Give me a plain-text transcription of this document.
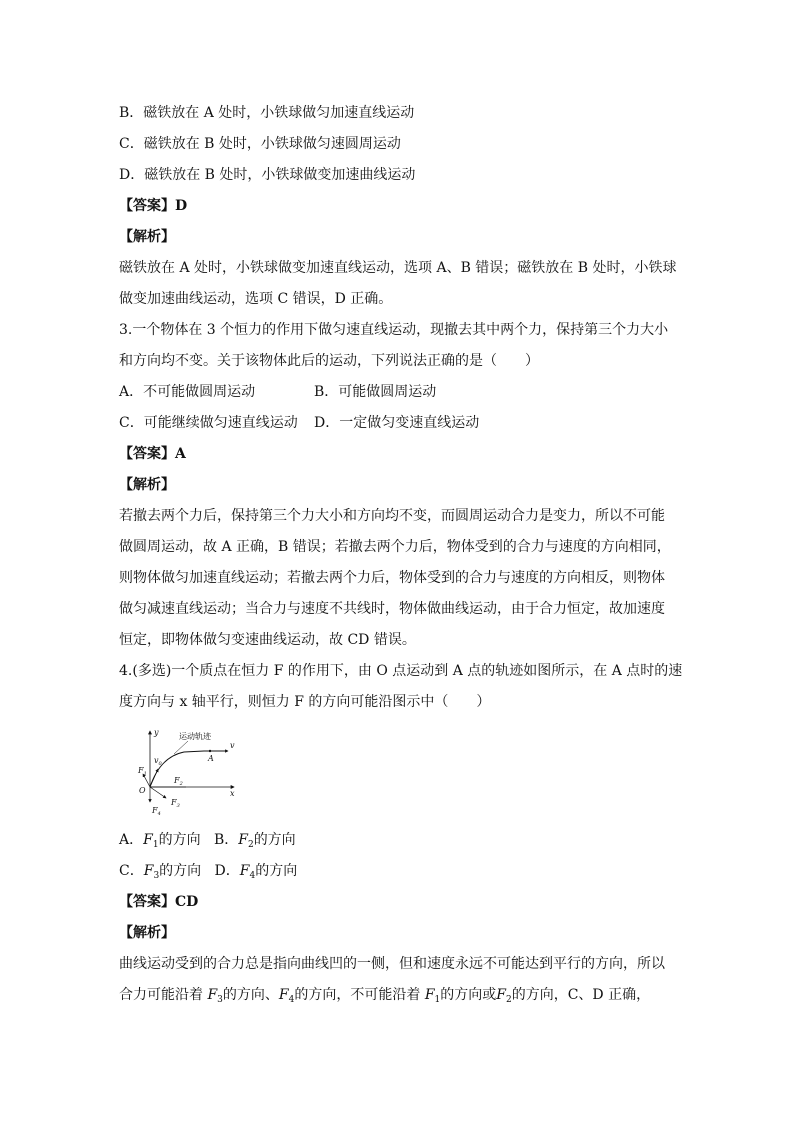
B．磁铁放在 A 处时，小铁球做匀加速直线运动
C．磁铁放在 B 处时，小铁球做匀速圆周运动
D．磁铁放在 B 处时，小铁球做变加速曲线运动
【答案】D
【解析】
磁铁放在 A 处时，小铁球做变加速直线运动，选项 A、B 错误；磁铁放在 B 处时，小铁球
做变加速曲线运动，选项 C 错误，D 正确。
3.一个物体在 3 个恒力的作用下做匀速直线运动，现撤去其中两个力，保持第三个力大小
和方向均不变。关于该物体此后的运动，下列说法正确的是（　　）
A．不可能做圆周运动	B．可能做圆周运动
C．可能继续做匀速直线运动 D．一定做匀变速直线运动
【答案】A
【解析】
若撤去两个力后，保持第三个力大小和方向均不变，而圆周运动合力是变力，所以不可能
做圆周运动，故 A 正确，B 错误；若撤去两个力后，物体受到的合力与速度的方向相同，
则物体做匀加速直线运动；若撤去两个力后，物体受到的合力与速度的方向相反，则物体
做匀减速直线运动；当合力与速度不共线时，物体做曲线运动，由于合力恒定，故加速度
恒定，即物体做匀变速曲线运动，故 CD 错误。
4.(多选)一个质点在恒力 F 的作用下，由 O 点运动到 A 点的轨迹如图所示，在 A 点时的速
度方向与 x 轴平行，则恒力 F 的方向可能沿图示中（　　）
运动轨迹
y
x
v
$v_0$
A
O
$F_1$
$F_2$
$F_3$
$F_4$
A．$F_1$的方向 B．$F_2$的方向
C．$F_3$的方向 D．$F_4$的方向
【答案】CD
【解析】
曲线运动受到的合力总是指向曲线凹的一侧，但和速度永远不可能达到平行的方向，所以
合力可能沿着 $F_3$的方向、$F_4$的方向，不可能沿着 $F_1$的方向或$F_2$的方向，C、D 正确，
